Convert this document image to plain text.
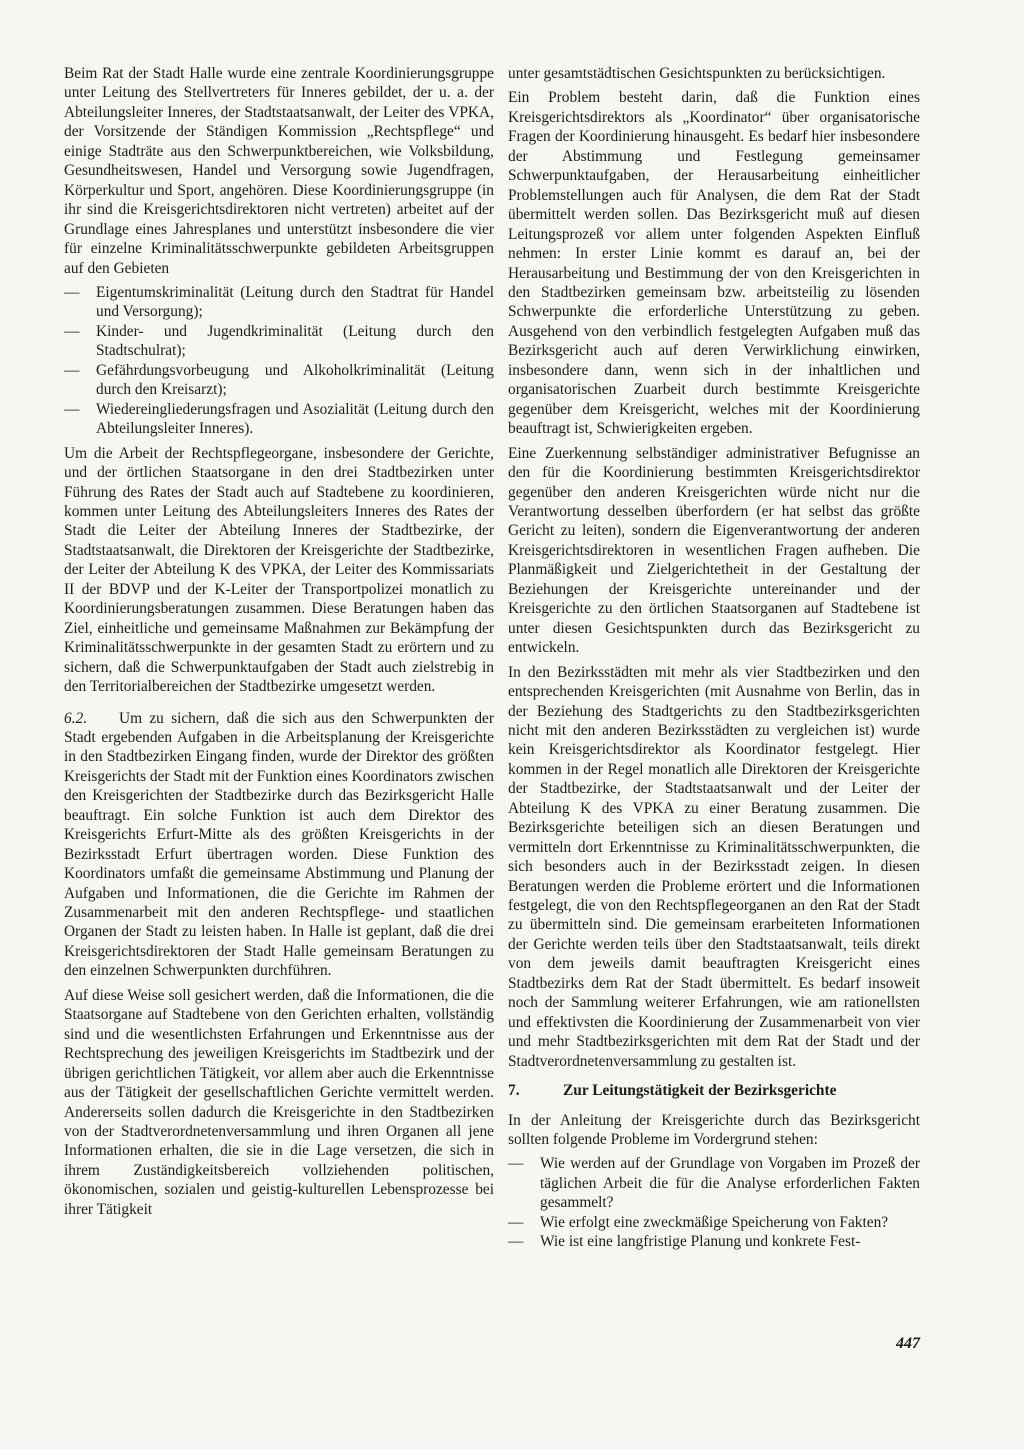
Beim Rat der Stadt Halle wurde eine zentrale Koordinierungsgruppe unter Leitung des Stellvertreters für Inneres gebildet, der u. a. der Abteilungsleiter Inneres, der Stadtstaatsanwalt, der Leiter des VPKA, der Vorsitzende der Ständigen Kommission „Rechtspflege“ und einige Stadträte aus den Schwerpunktbereichen, wie Volksbildung, Gesundheitswesen, Handel und Versorgung sowie Jugendfragen, Körperkultur und Sport, angehören. Diese Koordinierungsgruppe (in ihr sind die Kreisgerichtsdirektoren nicht vertreten) arbeitet auf der Grundlage eines Jahresplanes und unterstützt insbesondere die vier für einzelne Kriminalitätsschwerpunkte gebildeten Arbeitsgruppen auf den Gebieten

— Eigentumskriminalität (Leitung durch den Stadtrat für Handel und Versorgung);
— Kinder- und Jugendkriminalität (Leitung durch den Stadtschulrat);
— Gefährdungsvorbeugung und Alkoholkriminalität (Leitung durch den Kreisarzt);
— Wiedereingliederungsfragen und Asozialität (Leitung durch den Abteilungsleiter Inneres).

Um die Arbeit der Rechtspflegeorgane, insbesondere der Gerichte, und der örtlichen Staatsorgane in den drei Stadtbezirken unter Führung des Rates der Stadt auch auf Stadtebene zu koordinieren, kommen unter Leitung des Abteilungsleiters Inneres des Rates der Stadt die Leiter der Abteilung Inneres der Stadtbezirke, der Stadtstaatsanwalt, die Direktoren der Kreisgerichte der Stadtbezirke, der Leiter der Abteilung K des VPKA, der Leiter des Kommissariats II der BDVP und der K-Leiter der Transportpolizei monatlich zu Koordinierungsberatungen zusammen. Diese Beratungen haben das Ziel, einheitliche und gemeinsame Maßnahmen zur Bekämpfung der Kriminalitätsschwerpunkte in der gesamten Stadt zu erörtern und zu sichern, daß die Schwerpunktaufgaben der Stadt auch zielstrebig in den Territorialbereichen der Stadtbezirke umgesetzt werden.

6.2. Um zu sichern, daß die sich aus den Schwerpunkten der Stadt ergebenden Aufgaben in die Arbeitsplanung der Kreisgerichte in den Stadtbezirken Eingang finden, wurde der Direktor des größten Kreisgerichts der Stadt mit der Funktion eines Koordinators zwischen den Kreisgerichten der Stadtbezirke durch das Bezirksgericht Halle beauftragt. Ein solche Funktion ist auch dem Direktor des Kreisgerichts Erfurt-Mitte als des größten Kreisgerichts in der Bezirksstadt Erfurt übertragen worden. Diese Funktion des Koordinators umfaßt die gemeinsame Abstimmung und Planung der Aufgaben und Informationen, die die Gerichte im Rahmen der Zusammenarbeit mit den anderen Rechtspflege- und staatlichen Organen der Stadt zu leisten haben. In Halle ist geplant, daß die drei Kreisgerichtsdirektoren der Stadt Halle gemeinsam Beratungen zu den einzelnen Schwerpunkten durchführen.

Auf diese Weise soll gesichert werden, daß die Informationen, die die Staatsorgane auf Stadtebene von den Gerichten erhalten, vollständig sind und die wesentlichsten Erfahrungen und Erkenntnisse aus der Rechtsprechung des jeweiligen Kreisgerichts im Stadtbezirk und der übrigen gerichtlichen Tätigkeit, vor allem aber auch die Erkenntnisse aus der Tätigkeit der gesellschaftlichen Gerichte vermittelt werden. Andererseits sollen dadurch die Kreisgerichte in den Stadtbezirken von der Stadtverordnetenversammlung und ihren Organen all jene Informationen erhalten, die sie in die Lage versetzen, die sich in ihrem Zuständigkeitsbereich vollziehenden politischen, ökonomischen, sozialen und geistig-kulturellen Lebensprozesse bei ihrer Tätigkeit

unter gesamtstädtischen Gesichtspunkten zu berücksichtigen.

Ein Problem besteht darin, daß die Funktion eines Kreisgerichtsdirektors als „Koordinator“ über organisatorische Fragen der Koordinierung hinausgeht. Es bedarf hier insbesondere der Abstimmung und Festlegung gemeinsamer Schwerpunktaufgaben, der Herausarbeitung einheitlicher Problemstellungen auch für Analysen, die dem Rat der Stadt übermittelt werden sollen. Das Bezirksgericht muß auf diesen Leitungsprozeß vor allem unter folgenden Aspekten Einfluß nehmen: In erster Linie kommt es darauf an, bei der Herausarbeitung und Bestimmung der von den Kreisgerichten in den Stadtbezirken gemeinsam bzw. arbeitsteilig zu lösenden Schwerpunkte die erforderliche Unterstützung zu geben. Ausgehend von den verbindlich festgelegten Aufgaben muß das Bezirksgericht auch auf deren Verwirklichung einwirken, insbesondere dann, wenn sich in der inhaltlichen und organisatorischen Zuarbeit durch bestimmte Kreisgerichte gegenüber dem Kreisgericht, welches mit der Koordinierung beauftragt ist, Schwierigkeiten ergeben.

Eine Zuerkennung selbständiger administrativer Befugnisse an den für die Koordinierung bestimmten Kreisgerichtsdirektor gegenüber den anderen Kreisgerichten würde nicht nur die Verantwortung desselben überfordern (er hat selbst das größte Gericht zu leiten), sondern die Eigenverantwortung der anderen Kreisgerichtsdirektoren in wesentlichen Fragen aufheben. Die Planmäßigkeit und Zielgerichtetheit in der Gestaltung der Beziehungen der Kreisgerichte untereinander und der Kreisgerichte zu den örtlichen Staatsorganen auf Stadtebene ist unter diesen Gesichtspunkten durch das Bezirksgericht zu entwickeln.

In den Bezirksstädten mit mehr als vier Stadtbezirken und den entsprechenden Kreisgerichten (mit Ausnahme von Berlin, das in der Beziehung des Stadtgerichts zu den Stadtbezirksgerichten nicht mit den anderen Bezirksstädten zu vergleichen ist) wurde kein Kreisgerichtsdirektor als Koordinator festgelegt. Hier kommen in der Regel monatlich alle Direktoren der Kreisgerichte der Stadtbezirke, der Stadtstaatsanwalt und der Leiter der Abteilung K des VPKA zu einer Beratung zusammen. Die Bezirksgerichte beteiligen sich an diesen Beratungen und vermitteln dort Erkenntnisse zu Kriminalitätsschwerpunkten, die sich besonders auch in der Bezirksstadt zeigen. In diesen Beratungen werden die Probleme erörtert und die Informationen festgelegt, die von den Rechtspflegeorganen an den Rat der Stadt zu übermitteln sind. Die gemeinsam erarbeiteten Informationen der Gerichte werden teils über den Stadtstaatsanwalt, teils direkt von dem jeweils damit beauftragten Kreisgericht eines Stadtbezirks dem Rat der Stadt übermittelt. Es bedarf insoweit noch der Sammlung weiterer Erfahrungen, wie am rationellsten und effektivsten die Koordinierung der Zusammenarbeit von vier und mehr Stadtbezirksgerichten mit dem Rat der Stadt und der Stadtverordnetenversammlung zu gestalten ist.

7.	Zur Leitungstätigkeit der Bezirksgerichte

In der Anleitung der Kreisgerichte durch das Bezirksgericht sollten folgende Probleme im Vordergrund stehen:

— Wie werden auf der Grundlage von Vorgaben im Prozeß der täglichen Arbeit die für die Analyse erforderlichen Fakten gesammelt?
— Wie erfolgt eine zweckmäßige Speicherung von Fakten?
— Wie ist eine langfristige Planung und konkrete Fest-
447
